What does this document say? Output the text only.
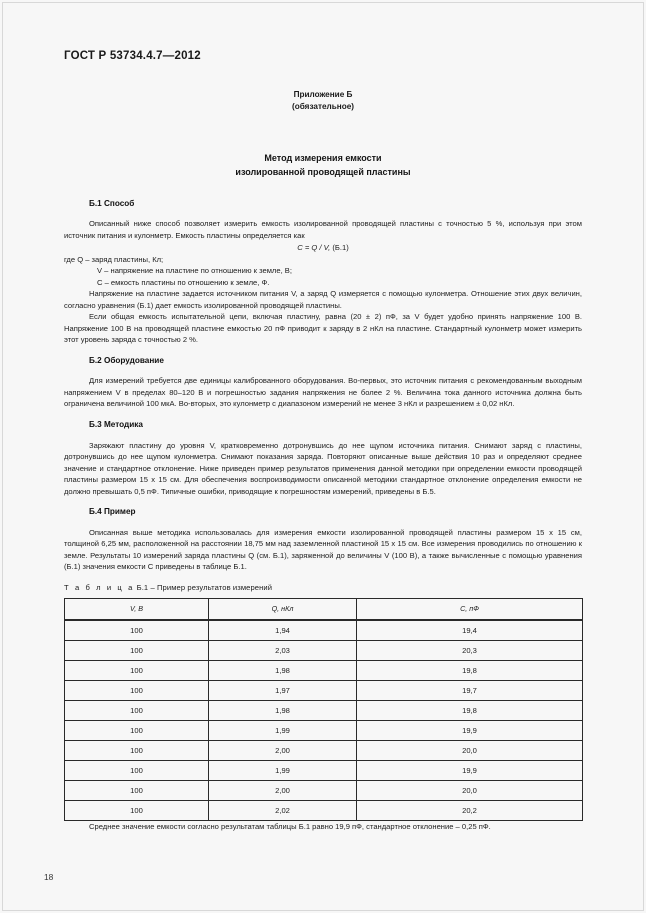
ГОСТ Р 53734.4.7—2012
Приложение Б
(обязательное)
Метод измерения емкости
изолированной проводящей пластины
Б.1 Способ

Описанный ниже способ позволяет измерить емкость изолированной проводящей пластины с точностью 5 %, используя при этом источник питания и кулонметр. Емкость пластины определяется как

C = Q / V, (Б.1)

где Q – заряд пластины, Кл;

V – напряжение на пластине по отношению к земле, В;

C – емкость пластины по отношению к земле, Ф.

Напряжение на пластине задается источником питания V, а заряд Q измеряется с помощью кулонметра. Отношение этих двух величин, согласно уравнения (Б.1) дает емкость изолированной проводящей пластины.

Если общая емкость испытательной цепи, включая пластину, равна (20 ± 2) пФ, за V будет удобно принять напряжение 100 В. Напряжение 100 В на проводящей пластине емкостью 20 пФ приводит к заряду в 2 нКл на пластине. Стандартный кулонметр может измерить этот уровень заряда с точностью 2 %.

Б.2 Оборудование

Для измерений требуется две единицы калиброванного оборудования. Во-первых, это источник питания с рекомендованным выходным напряжением V в пределах 80–120 В и погрешностью задания напряжения не более 2 %. Величина тока данного источника должна быть ограничена величиной 100 мкА. Во-вторых, это кулонметр с диапазоном измерений не менее 3 нКл и разрешением ± 0,02 нКл.

Б.3 Методика

Заряжают пластину до уровня V, кратковременно дотронувшись до нее щупом источника питания. Снимают заряд с пластины, дотронувшись до нее щупом кулонметра. Снимают показания заряда. Повторяют описанные выше действия 10 раз и определяют среднее значение и стандартное отклонение. Ниже приведен пример результатов применения данной методики при определении емкости проводящей пластины размером 15 х 15 см. Для обеспечения воспроизводимости описанной методики стандартное отклонение определения емкости не должно превышать 0,5 пФ. Типичные ошибки, приводящие к погрешностям измерений, приведены в Б.5.

Б.4 Пример

Описанная выше методика использовалась для измерения емкости изолированной проводящей пластины размером 15 х 15 см, толщиной 6,25 мм, расположенной на расстоянии 18,75 мм над заземленной пластиной 15 х 15 см. Все измерения проводились по отношению к земле. Результаты 10 измерений заряда пластины Q (см. Б.1), заряженной до величины V (100 В), а также вычисленные с помощью уравнения (Б.1) значения емкости C приведены в таблице Б.1.

Т а б л и ц а Б.1 – Пример результатов измерений

V, В	Q, нКл	C, пФ
100	1,94	19,4
100	2,03	20,3
100	1,98	19,8
100	1,97	19,7
100	1,98	19,8
100	1,99	19,9
100	2,00	20,0
100	1,99	19,9
100	2,00	20,0
100	2,02	20,2

Среднее значение емкости согласно результатам таблицы Б.1 равно 19,9 пФ, стандартное отклонение – 0,25 пФ.

18
